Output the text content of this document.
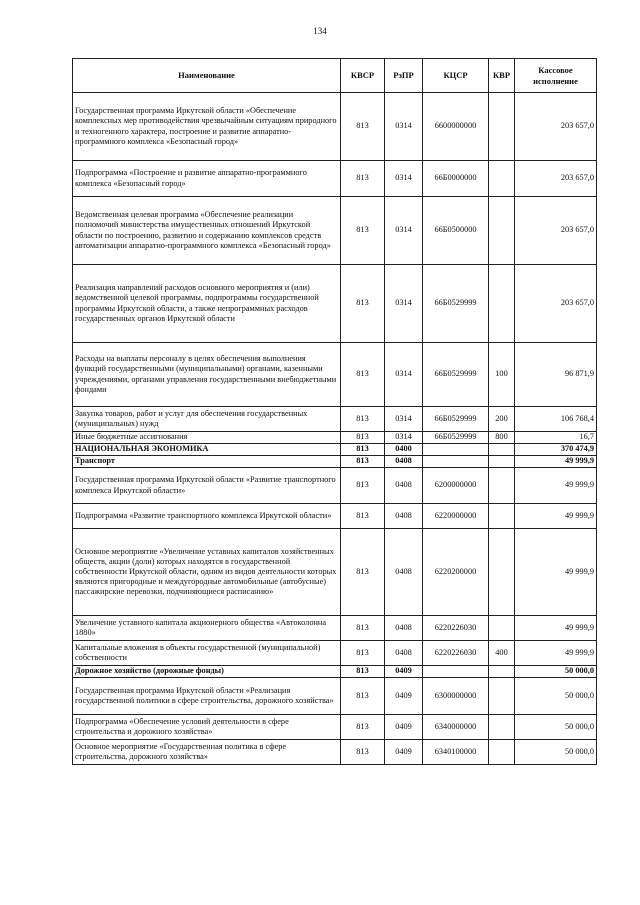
134
Наименование	КВСР	РзПР	КЦСР	КВР	Кассовое исполнение
Государственная программа Иркутской области «Обеспечение комплексных мер противодействия чрезвычайным ситуациям природного и техногенного характера, построение и развитие аппаратно-программного комплекса «Безопасный город»	813	0314	6600000000		203 657,0
Подпрограмма «Построение и развитие аппаратно-программного комплекса «Безопасный город»	813	0314	66Б0000000		203 657,0
Ведомственная целевая программа «Обеспечение реализации полномочий министерства имущественных отношений Иркутской области по построению, развитию и содержанию комплексов средств автоматизации аппаратно-программного комплекса «Безопасный город»	813	0314	66Б0500000		203 657,0
Реализация направлений расходов основного мероприятия и (или) ведомственной целевой программы, подпрограммы государственной программы Иркутской области, а также непрограммных расходов государственных органов Иркутской области	813	0314	66Б0529999		203 657,0
Расходы на выплаты персоналу в целях обеспечения выполнения функций государственными (муниципальными) органами, казенными учреждениями, органами управления государственными внебюджетными фондами	813	0314	66Б0529999	100	96 871,9
Закупка товаров, работ и услуг для обеспечения государственных (муниципальных) нужд	813	0314	66Б0529999	200	106 768,4
Иные бюджетные ассигнования	813	0314	66Б0529999	800	16,7
НАЦИОНАЛЬНАЯ ЭКОНОМИКА	813	0400			370 474,9
Транспорт	813	0408			49 999,9
Государственная программа Иркутской области «Развитие транспортного комплекса Иркутской области»	813	0408	6200000000		49 999,9
Подпрограмма «Развитие транспортного комплекса Иркутской области»	813	0408	6220000000		49 999,9
Основное мероприятие «Увеличение уставных капиталов хозяйственных обществ, акции (доли) которых находятся в государственной собственности Иркутской области, одним из видов деятельности которых являются пригородные и междугородные автомобильные (автобусные) пассажирские перевозки, подчиняющиеся расписанию»	813	0408	6220200000		49 999,9
Увеличение уставного капитала акционерного общества «Автоколонна 1880»	813	0408	6220226030		49 999,9
Капитальные вложения в объекты государственной (муниципальной) собственности	813	0408	6220226030	400	49 999,9
Дорожное хозяйство (дорожные фонды)	813	0409			50 000,0
Государственная программа Иркутской области «Реализация государственной политики в сфере строительства, дорожного хозяйства»	813	0409	6300000000		50 000,0
Подпрограмма «Обеспечение условий деятельности в сфере строительства и дорожного хозяйства»	813	0409	6340000000		50 000,0
Основное мероприятие «Государственная политика в сфере строительства, дорожного хозяйства»	813	0409	6340100000		50 000,0
